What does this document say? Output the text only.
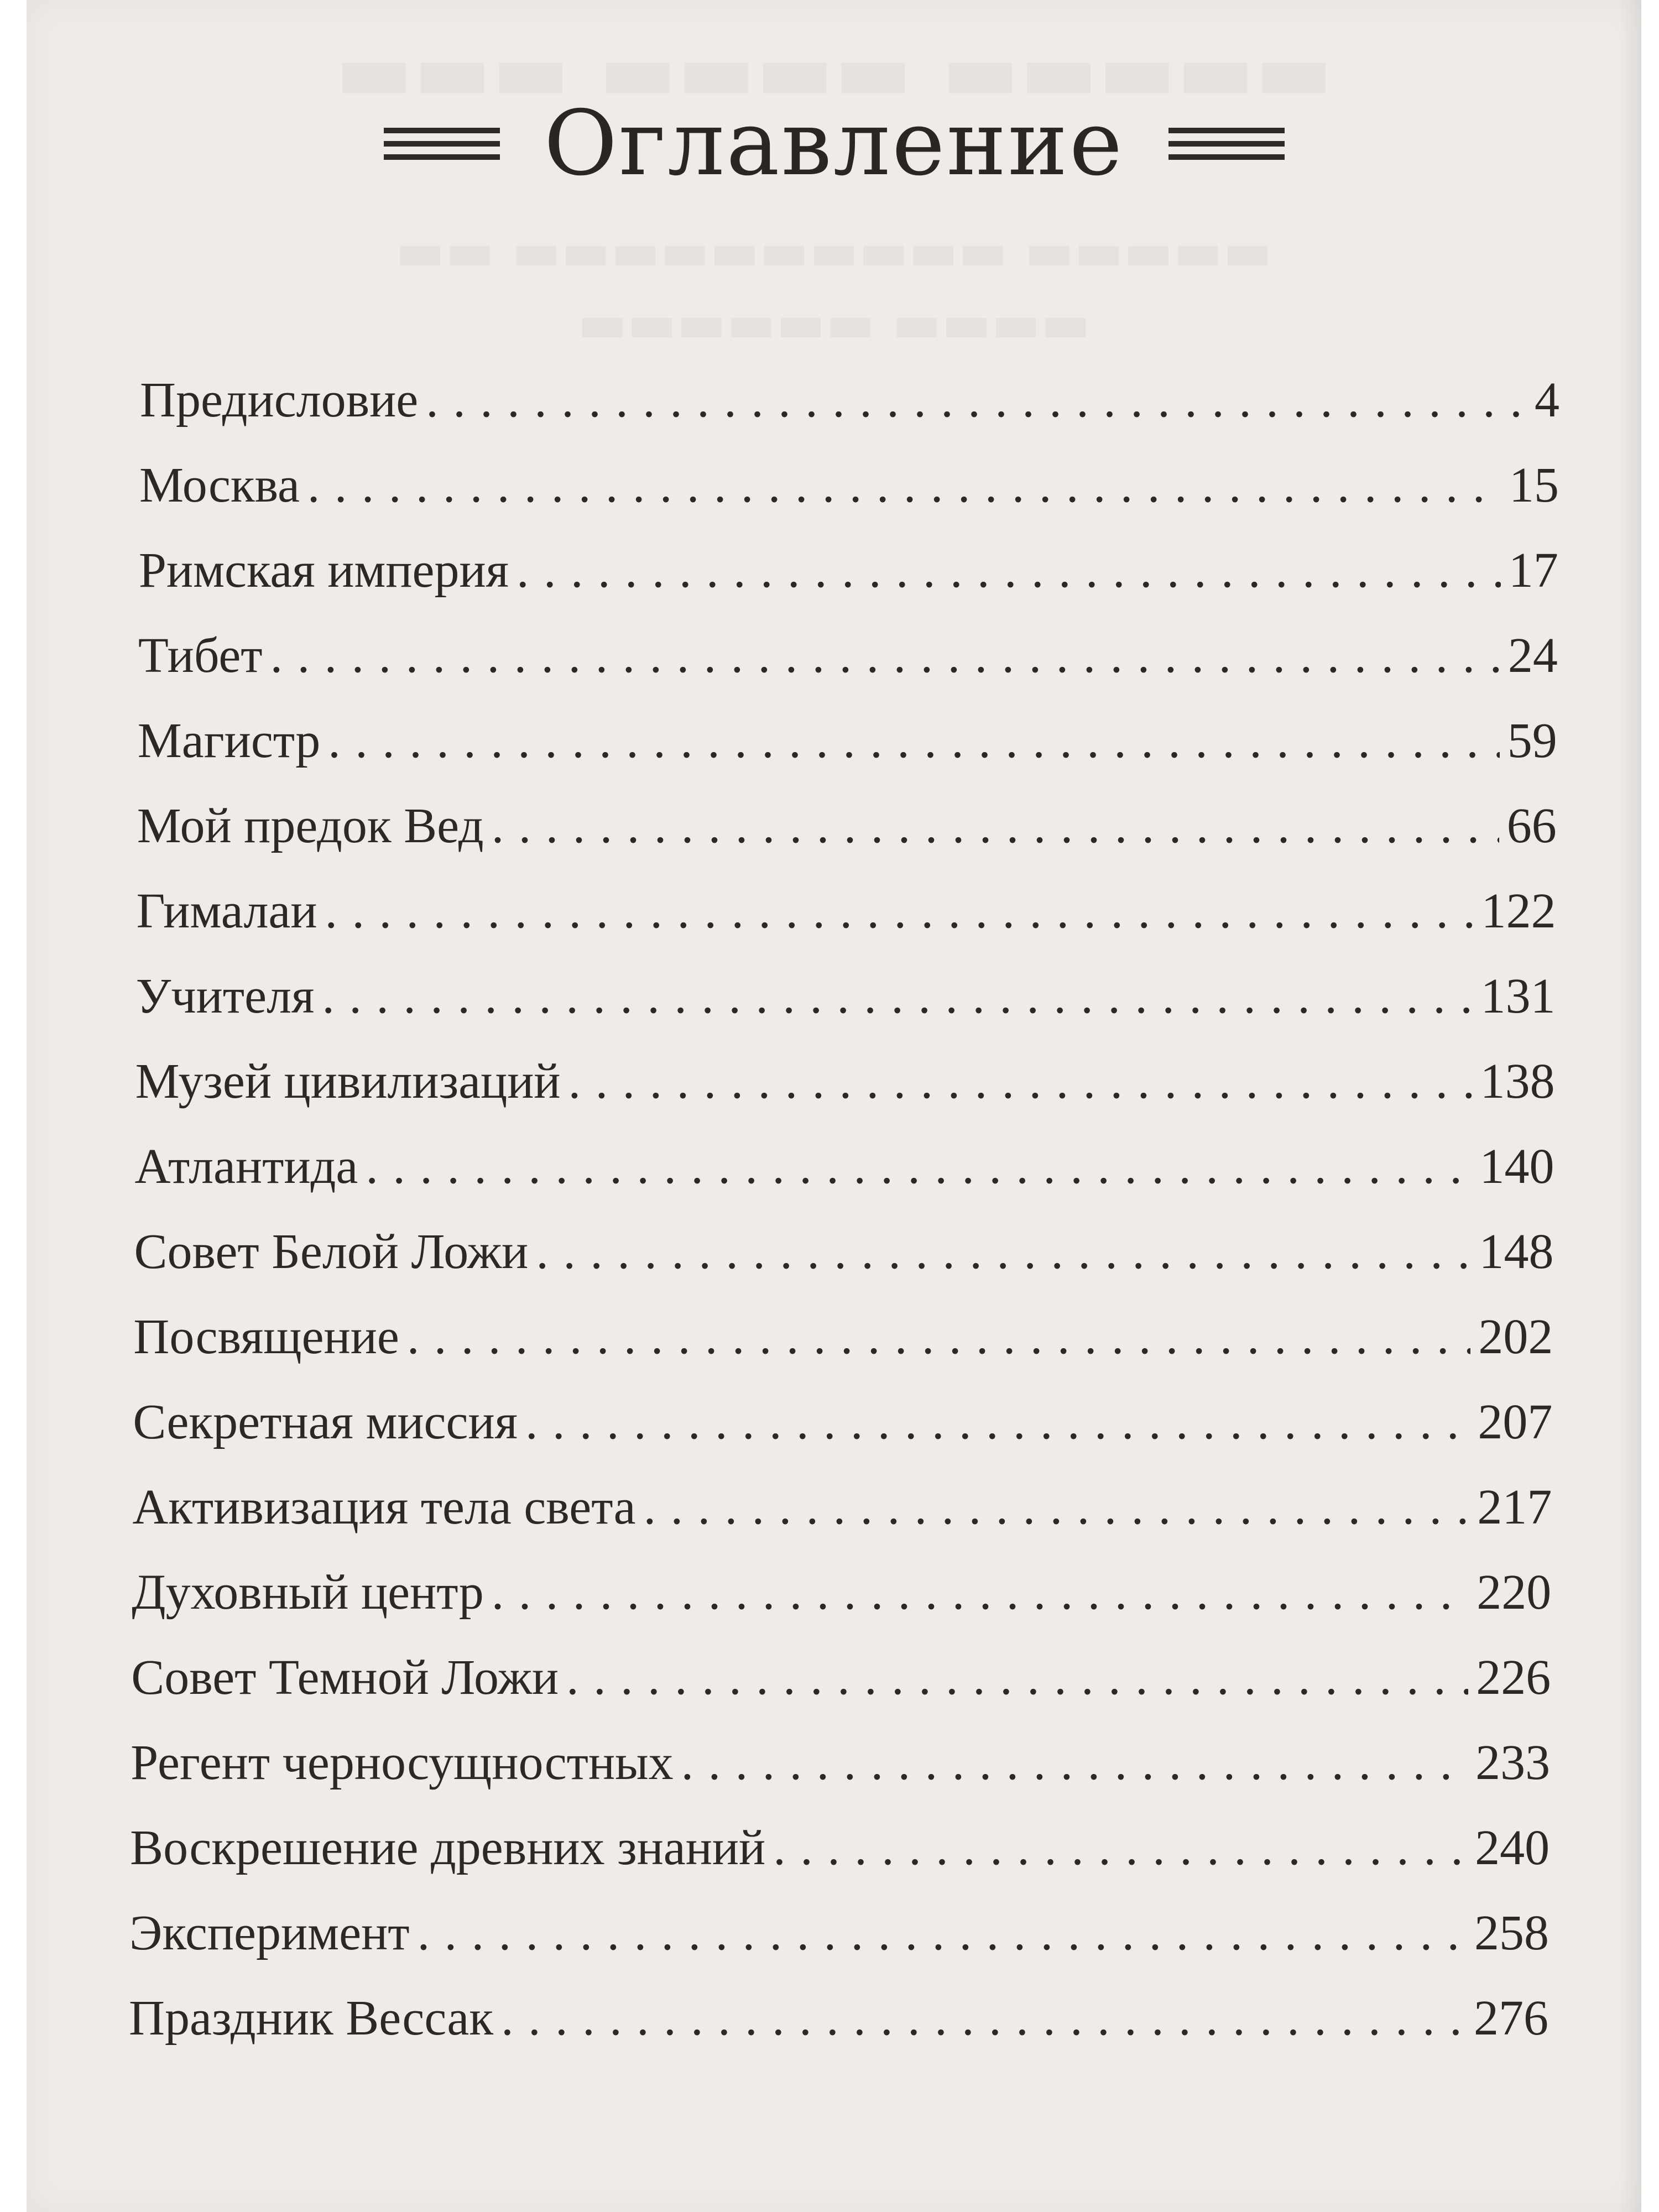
▬▬▬ ▬▬▬▬ ▬▬▬▬▬
▬▬ ▬▬▬▬▬▬▬▬▬▬ ▬▬▬▬▬
▬▬▬▬▬▬ ▬▬▬▬
Оглавление
Предисловие . . .	4
Москва . . .	15
Римская империя . . .	17
Тибет . . .	24
Магистр . . .	59
Мой предок Вед . . .	66
Гималаи . . .	122
Учителя . . .	131
Музей цивилизаций . . .	138
Атлантида . . .	140
Совет Белой Ложи . . .	148
Посвящение . . .	202
Секретная миссия . . .	207
Активизация тела света . . .	217
Духовный центр . . .	220
Совет Темной Ложи . . .	226
Регент черносущностных . . .	233
Воскрешение древних знаний . . .	240
Эксперимент . . .	258
Праздник Вессак . . .	276
